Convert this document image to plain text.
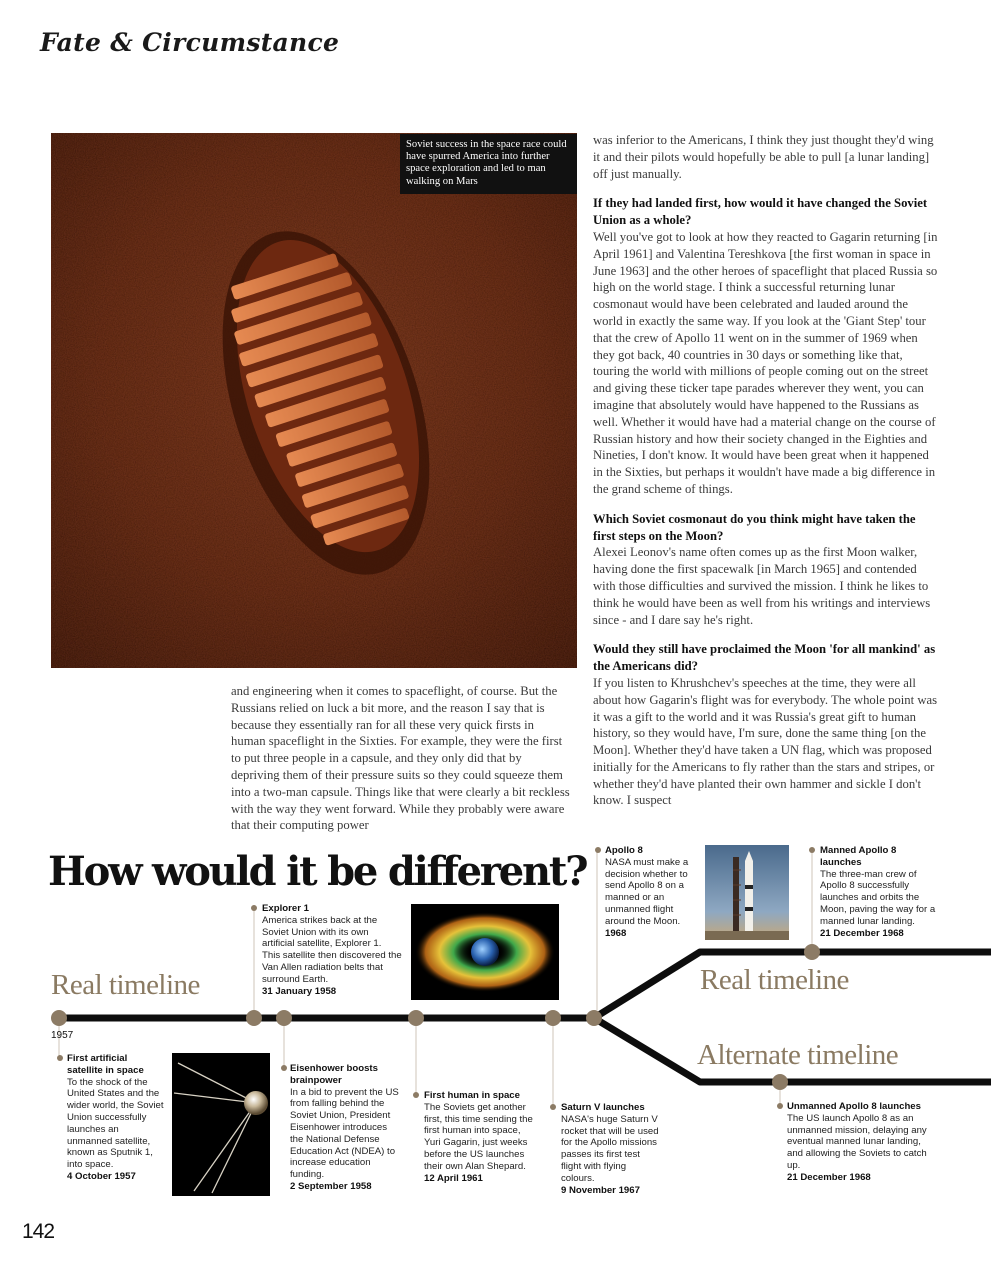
Fate & Circumstance
Soviet success in the space race could have spurred America into further space exploration and led to man walking on Mars

and engineering when it comes to spaceflight, of course. But the Russians relied on luck a bit more, and the reason I say that is because they essentially ran for all these very quick firsts in human spaceflight in the Sixties. For example, they were the first to put three people in a capsule, and they only did that by depriving them of their pressure suits so they could squeeze them into a two-man capsule. Things like that were clearly a bit reckless with the way they went forward. While they probably were aware that their computing power

was inferior to the Americans, I think they just thought they'd wing it and their pilots would hopefully be able to pull [a lunar landing] off just manually.

If they had landed first, how would it have changed the Soviet Union as a whole?

Well you've got to look at how they reacted to Gagarin returning [in April 1961] and Valentina Tereshkova [the first woman in space in June 1963] and the other heroes of spaceflight that placed Russia so high on the world stage. I think a successful returning lunar cosmonaut would have been celebrated and lauded around the world in exactly the same way. If you look at the 'Giant Step' tour that the crew of Apollo 11 went on in the summer of 1969 when they got back, 40 countries in 30 days or something like that, touring the world with millions of people coming out on the street and giving these ticker tape parades wherever they went, you can imagine that absolutely would have happened to the Russians as well. Whether it would have had a material change on the course of Russian history and how their society changed in the Eighties and Nineties, I don't know. It would have been great when it happened in the Sixties, but perhaps it wouldn't have made a big difference in the grand scheme of things.

Which Soviet cosmonaut do you think might have taken the first steps on the Moon?

Alexei Leonov's name often comes up as the first Moon walker, having done the first spacewalk [in March 1965] and contended with those difficulties and survived the mission. I think he likes to think he would have been as well from his writings and interviews since - and I dare say he's right.

Would they still have proclaimed the Moon 'for all mankind' as the Americans did?

If you listen to Khrushchev's speeches at the time, they were all about how Gagarin's flight was for everybody. The whole point was it was a gift to the world and it was Russia's great gift to human history, so they would have, I'm sure, done the same thing [on the Moon]. Whether they'd have taken a UN flag, which was proposed initially for the Americans to fly rather than the stars and stripes, or whether they'd have planted their own hammer and sickle I don't know. I suspect

How would it be different?
Real timeline	Real timeline
Alternate timeline
1957

First artificial satellite in space

To the shock of the United States and the wider world, the Soviet Union successfully launches an unmanned satellite, known as Sputnik 1, into space.

4 October 1957

Explorer 1

America strikes back at the Soviet Union with its own artificial satellite, Explorer 1. This satellite then discovered the Van Allen radiation belts that surround Earth.

31 January 1958

Eisenhower boosts brainpower

In a bid to prevent the US from falling behind the Soviet Union, President Eisenhower introduces the National Defense Education Act (NDEA) to increase education funding.

2 September 1958

First human in space

The Soviets get another first, this time sending the first human into space, Yuri Gagarin, just weeks before the US launches their own Alan Shepard.

12 April 1961

Saturn V launches

NASA's huge Saturn V rocket that will be used for the Apollo missions passes its first test flight with flying colours.

9 November 1967

Apollo 8

NASA must make a decision whether to send Apollo 8 on a manned or an unmanned flight around the Moon.

1968

Manned Apollo 8 launches

The three-man crew of Apollo 8 successfully launches and orbits the Moon, paving the way for a manned lunar landing.

21 December 1968

Unmanned Apollo 8 launches

The US launch Apollo 8 as an unmanned mission, delaying any eventual manned lunar landing, and allowing the Soviets to catch up.

21 December 1968

142
